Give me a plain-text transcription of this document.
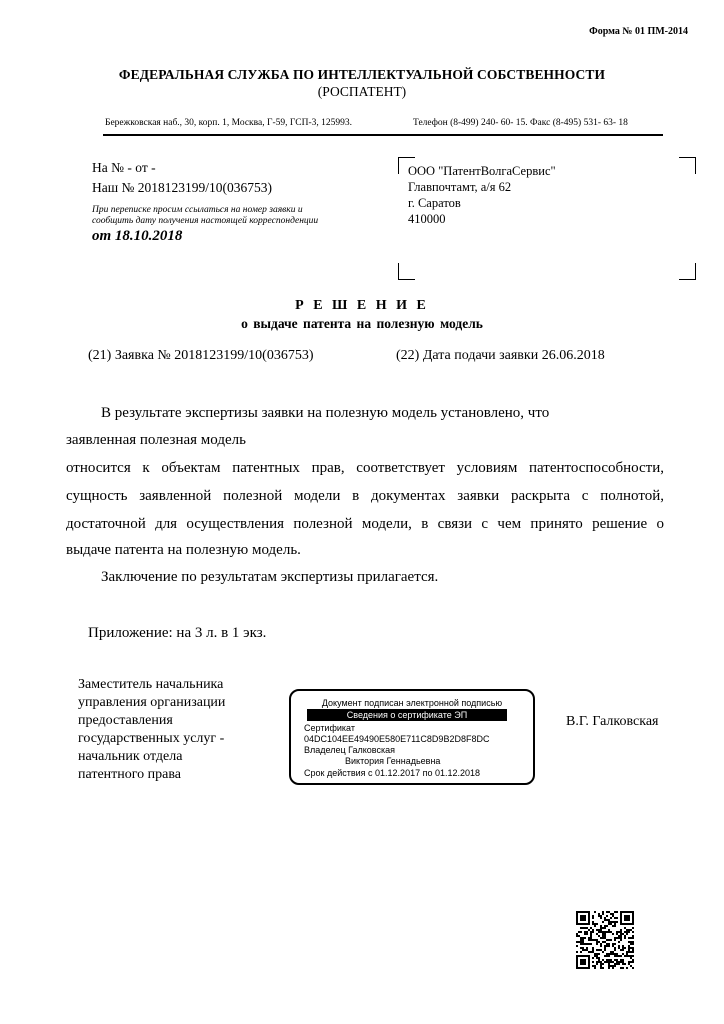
Форма № 01 ПМ-2014
ФЕДЕРАЛЬНАЯ СЛУЖБА ПО ИНТЕЛЛЕКТУАЛЬНОЙ СОБСТВЕННОСТИ
(РОСПАТЕНТ)
Бережковская наб., 30, корп. 1, Москва, Г-59, ГСП-3, 125993.	Телефон (8-499) 240- 60- 15. Факс (8-495) 531- 63- 18
На № - от -
Наш № 2018123199/10(036753)
При переписке просим ссылаться на номер заявки и
сообщить дату получения настоящей корреспонденции
от 18.10.2018
ООО "ПатентВолгаСервис"
Главпочтамт, а/я 62
г. Саратов
410000
Р Е Ш Е Н И Е
о выдаче патента на полезную модель
(21) Заявка № 2018123199/10(036753)	(22) Дата подачи заявки 26.06.2018
В результате экспертизы заявки на полезную модель установлено, что
заявленная полезная модель
относится к объектам патентных прав, соответствует условиям патентоспособности,
сущность заявленной полезной модели в документах заявки раскрыта с полнотой,
достаточной для осуществления полезной модели, в связи с чем принято решение о
выдаче патента на полезную модель.
Заключение по результатам экспертизы прилагается.
Приложение: на 3 л. в 1 экз.
Заместитель начальника
управления организации
предоставления
государственных услуг -
начальник отдела
патентного права
Документ подписан электронной подписью
Сведения о сертификате ЭП
Сертификат
04DC104EE49490E580E711C8D9B2D8F8DC
Владелец Галковская
Виктория Геннадьевна
Срок действия с 01.12.2017 по 01.12.2018
В.Г. Галковская
